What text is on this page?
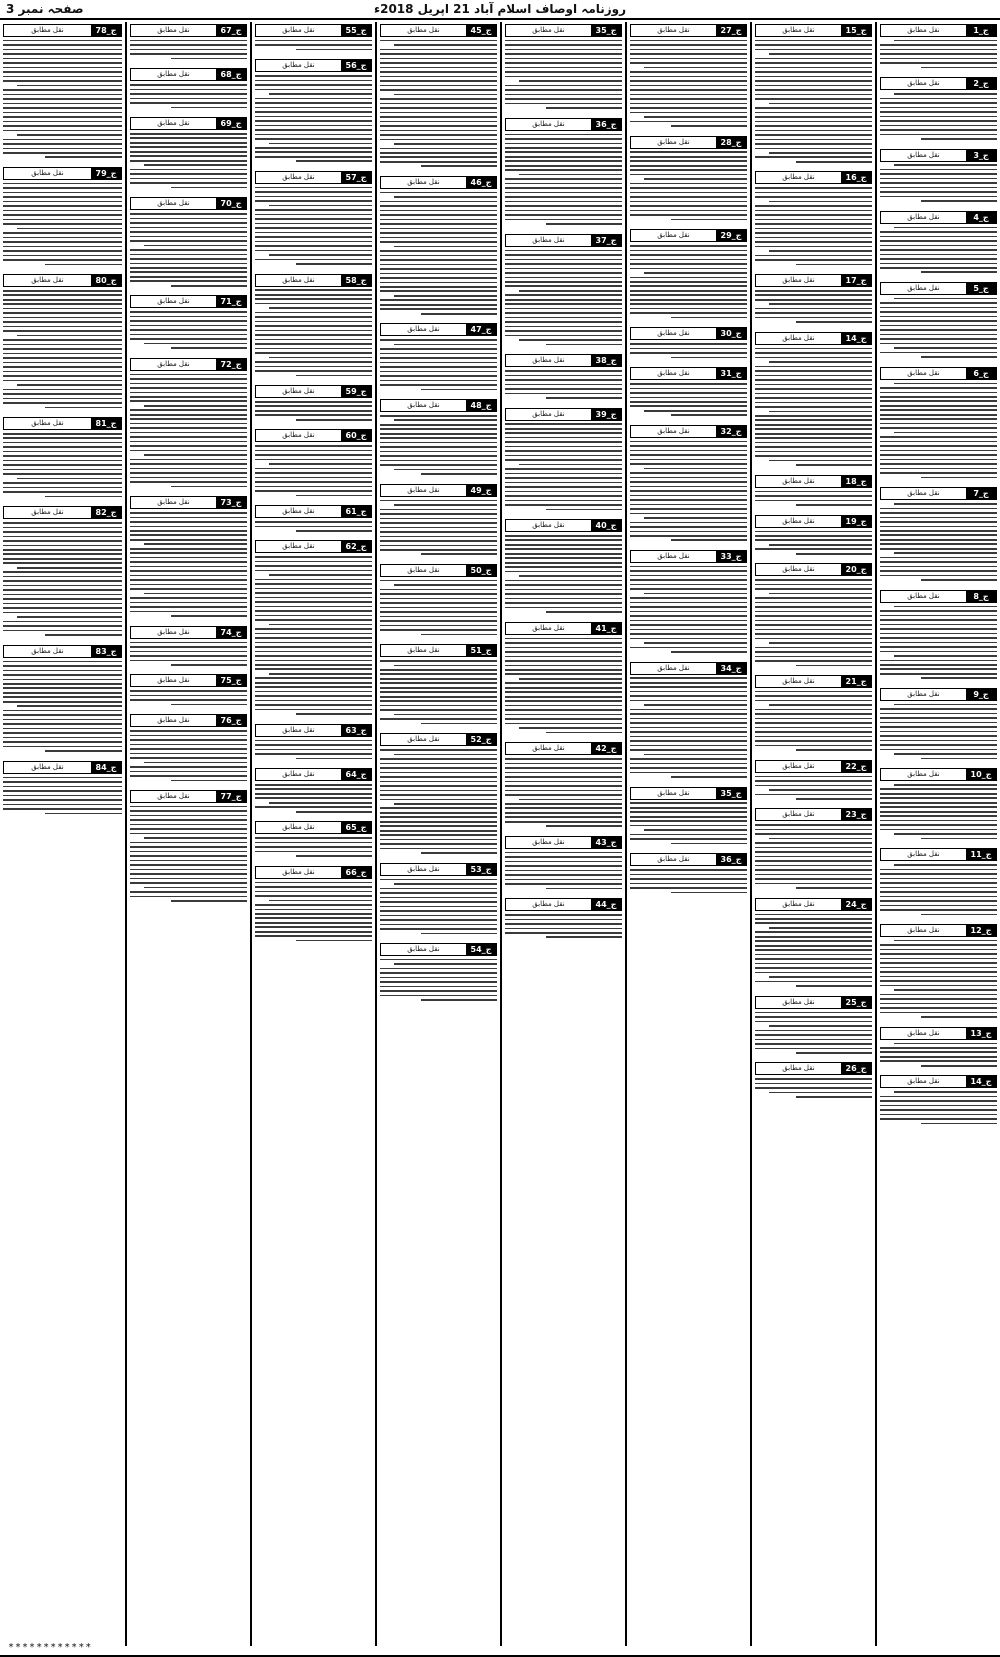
روزنامہ اوصاف اسلام آباد 21 اپریل 2018ء
صفحہ نمبر 3
1_ج
نقل مطابق
2_ج
نقل مطابق
3_ج
نقل مطابق
4_ج
نقل مطابق
5_ج
نقل مطابق
6_ج
نقل مطابق
7_ج
نقل مطابق
8_ج
نقل مطابق
9_ج
نقل مطابق
10_ج
نقل مطابق
11_ج
نقل مطابق
12_ج
نقل مطابق
13_ج
نقل مطابق
14_ج
نقل مطابق
15_ج
نقل مطابق
16_ج
نقل مطابق
17_ج
نقل مطابق
14_ج
نقل مطابق
18_ج
نقل مطابق
19_ج
نقل مطابق
20_ج
نقل مطابق
21_ج
نقل مطابق
22_ج
نقل مطابق
23_ج
نقل مطابق
24_ج
نقل مطابق
25_ج
نقل مطابق
26_ج
نقل مطابق
27_ج
نقل مطابق
28_ج
نقل مطابق
29_ج
نقل مطابق
30_ج
نقل مطابق
31_ج
نقل مطابق
32_ج
نقل مطابق
33_ج
نقل مطابق
34_ج
نقل مطابق
35_ج
نقل مطابق
36_ج
نقل مطابق
35_ج
نقل مطابق
36_ج
نقل مطابق
37_ج
نقل مطابق
38_ج
نقل مطابق
39_ج
نقل مطابق
40_ج
نقل مطابق
41_ج
نقل مطابق
42_ج
نقل مطابق
43_ج
نقل مطابق
44_ج
نقل مطابق
45_ج
نقل مطابق
46_ج
نقل مطابق
47_ج
نقل مطابق
48_ج
نقل مطابق
49_ج
نقل مطابق
50_ج
نقل مطابق
51_ج
نقل مطابق
52_ج
نقل مطابق
53_ج
نقل مطابق
54_ج
نقل مطابق
55_ج
نقل مطابق
56_ج
نقل مطابق
57_ج
نقل مطابق
58_ج
نقل مطابق
59_ج
نقل مطابق
60_ج
نقل مطابق
61_ج
نقل مطابق
62_ج
نقل مطابق
63_ج
نقل مطابق
64_ج
نقل مطابق
65_ج
نقل مطابق
66_ج
نقل مطابق
67_ج
نقل مطابق
68_ج
نقل مطابق
69_ج
نقل مطابق
70_ج
نقل مطابق
71_ج
نقل مطابق
72_ج
نقل مطابق
73_ج
نقل مطابق
74_ج
نقل مطابق
75_ج
نقل مطابق
76_ج
نقل مطابق
77_ج
نقل مطابق
78_ج
نقل مطابق
79_ج
نقل مطابق
80_ج
نقل مطابق
81_ج
نقل مطابق
82_ج
نقل مطابق
83_ج
نقل مطابق
84_ج
نقل مطابق
************
